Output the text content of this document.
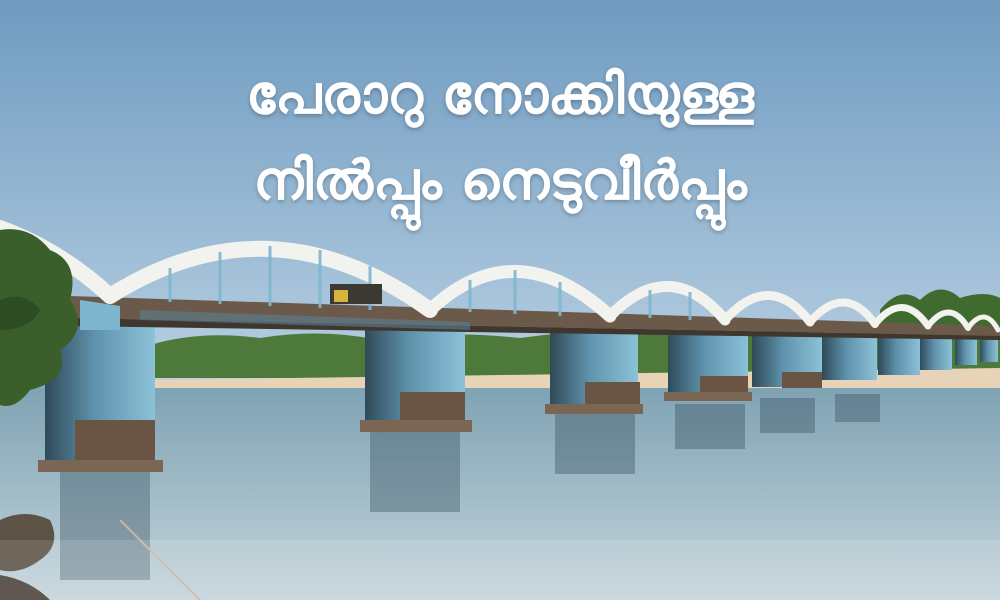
പേരാറു നോക്കിയുള്ള
നിൽപ്പും നെടുവീർപ്പും
